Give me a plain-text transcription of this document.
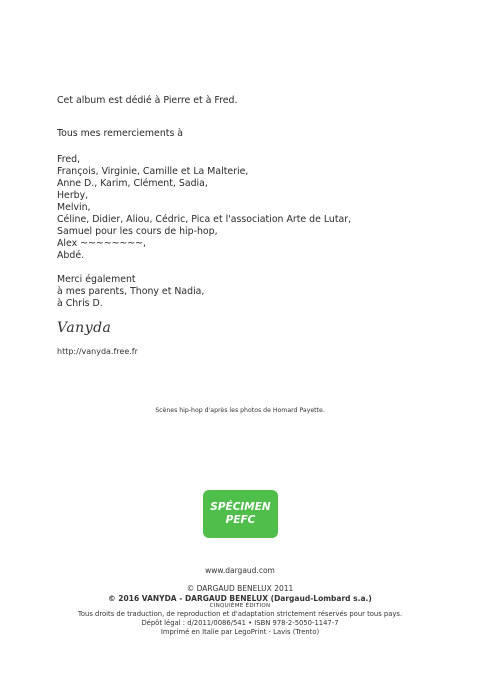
Cet album est dédié à Pierre et à Fred.
Tous mes remerciements à
Fred,
François, Virginie, Camille et La Malterie,
Anne D., Karim, Clément, Sadia,
Herby,
Melvin,
Céline, Didier, Aliou, Cédric, Pica et l'association Arte de Lutar,
Samuel pour les cours de hip-hop,
Alex ~~~~~~~~,
Abdé.
Merci également
à mes parents, Thony et Nadia,
à Chris D.
Vanyda
http://vanyda.free.fr
Scènes hip-hop d'après les photos de Homard Payette.
SPÉCIMEN
PEFC
www.dargaud.com
© DARGAUD BENELUX 2011
© 2016 VANYDA - DARGAUD BENELUX (Dargaud-Lombard s.a.)
CINQUIÈME ÉDITION
Tous droits de traduction, de reproduction et d'adaptation strictement réservés pour tous pays.
Dépôt légal : d/2011/0086/541 • ISBN 978-2-5050-1147-7
Imprimé en Italie par LegoPrint - Lavis (Trento)
